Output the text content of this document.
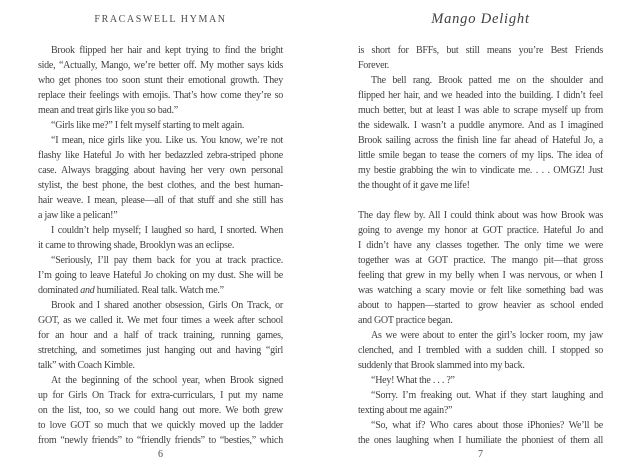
FRACASWELL HYMAN
Brook flipped her hair and kept trying to find the bright
side, “Actually, Mango, we’re better off. My mother says kids
who get phones too soon stunt their emotional growth. They
replace their feelings with emojis. That’s how come they’re so
mean and treat girls like you so bad.”
“Girls like me?” I felt myself starting to melt again.
“I mean, nice girls like you. Like us. You know, we’re not
flashy like Hateful Jo with her bedazzled zebra-striped phone
case. Always bragging about having her very own personal
stylist, the best phone, the best clothes, and the best human-
hair weave. I mean, please—all of that stuff and she still has
a jaw like a pelican!”
I couldn’t help myself; I laughed so hard, I snorted. When
it came to throwing shade, Brooklyn was an eclipse.
“Seriously, I’ll pay them back for you at track practice.
I’m going to leave Hateful Jo choking on my dust. She will be
dominated and humiliated. Real talk. Watch me.”
Brook and I shared another obsession, Girls On Track, or
GOT, as we called it. We met four times a week after school
for an hour and a half of track training, running games,
stretching, and sometimes just hanging out and having “girl
talk” with Coach Kimble.
At the beginning of the school year, when Brook signed
up for Girls On Track for extra-curriculars, I put my name
on the list, too, so we could hang out more. We both grew
to love GOT so much that we quickly moved up the ladder
from “newly friends” to “friendly friends” to “besties,” which
6
Mango Delight
is short for BFFs, but still means you’re Best Friends
Forever.
The bell rang. Brook patted me on the shoulder and
flipped her hair, and we headed into the building. I didn’t feel
much better, but at least I was able to scrape myself up from
the sidewalk. I wasn’t a puddle anymore. And as I imagined
Brook sailing across the finish line far ahead of Hateful Jo, a
little smile began to tease the corners of my lips. The idea of
my bestie grabbing the win to vindicate me. . . . OMGZ! Just
the thought of it gave me life!
The day flew by. All I could think about was how Brook was
going to avenge my honor at GOT practice. Hateful Jo and
I didn’t have any classes together. The only time we were
together was at GOT practice. The mango pit—that gross
feeling that grew in my belly when I was nervous, or when I
was watching a scary movie or felt like something bad was
about to happen—started to grow heavier as school ended
and GOT practice began.
As we were about to enter the girl’s locker room, my jaw
clenched, and I trembled with a sudden chill. I stopped so
suddenly that Brook slammed into my back.
“Hey! What the . . . ?”
“Sorry. I’m freaking out. What if they start laughing and
texting about me again?”
“So, what if? Who cares about those iPhonies? We’ll be
the ones laughing when I humiliate the phoniest of them all
7
